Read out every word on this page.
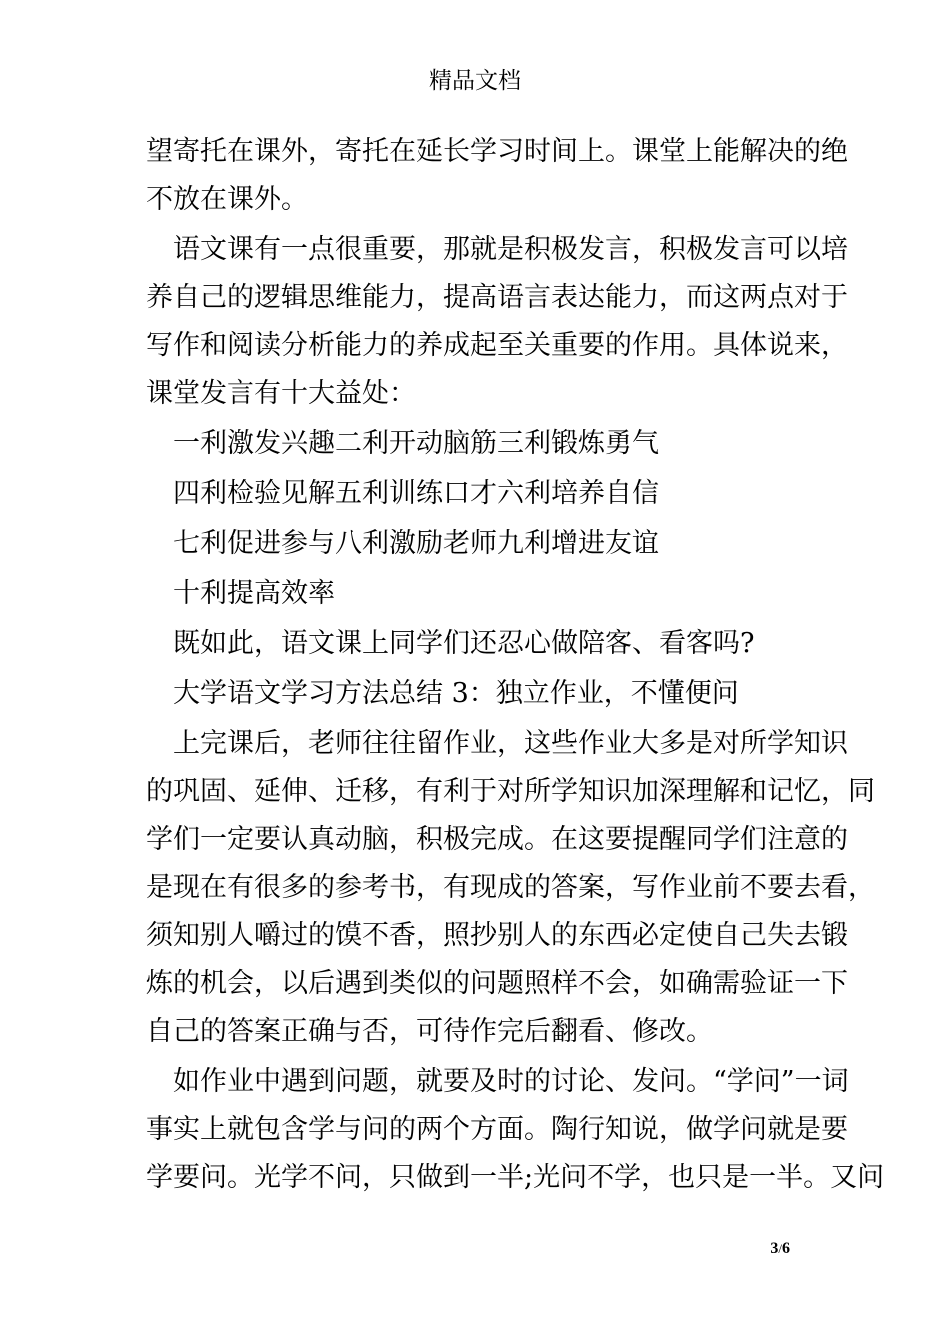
精品文档

望寄托在课外，寄托在延长学习时间上。课堂上能解决的绝
不放在课外。

语文课有一点很重要，那就是积极发言，积极发言可以培
养自己的逻辑思维能力，提高语言表达能力，而这两点对于
写作和阅读分析能力的养成起至关重要的作用。具体说来，
课堂发言有十大益处：

一利激发兴趣二利开动脑筋三利锻炼勇气

四利检验见解五利训练口才六利培养自信

七利促进参与八利激励老师九利增进友谊

十利提高效率

既如此，语文课上同学们还忍心做陪客、看客吗?

大学语文学习方法总结 3：独立作业，不懂便问

上完课后，老师往往留作业，这些作业大多是对所学知识
的巩固、延伸、迁移，有利于对所学知识加深理解和记忆，同
学们一定要认真动脑，积极完成。在这要提醒同学们注意的
是现在有很多的参考书，有现成的答案，写作业前不要去看，
须知别人嚼过的馍不香，照抄别人的东西必定使自己失去锻
炼的机会，以后遇到类似的问题照样不会，如确需验证一下
自己的答案正确与否，可待作完后翻看、修改。

如作业中遇到问题，就要及时的讨论、发问。“学问”一词
事实上就包含学与问的两个方面。陶行知说，做学问就是要
学要问。光学不问，只做到一半;光问不学，也只是一半。又问

3/6
